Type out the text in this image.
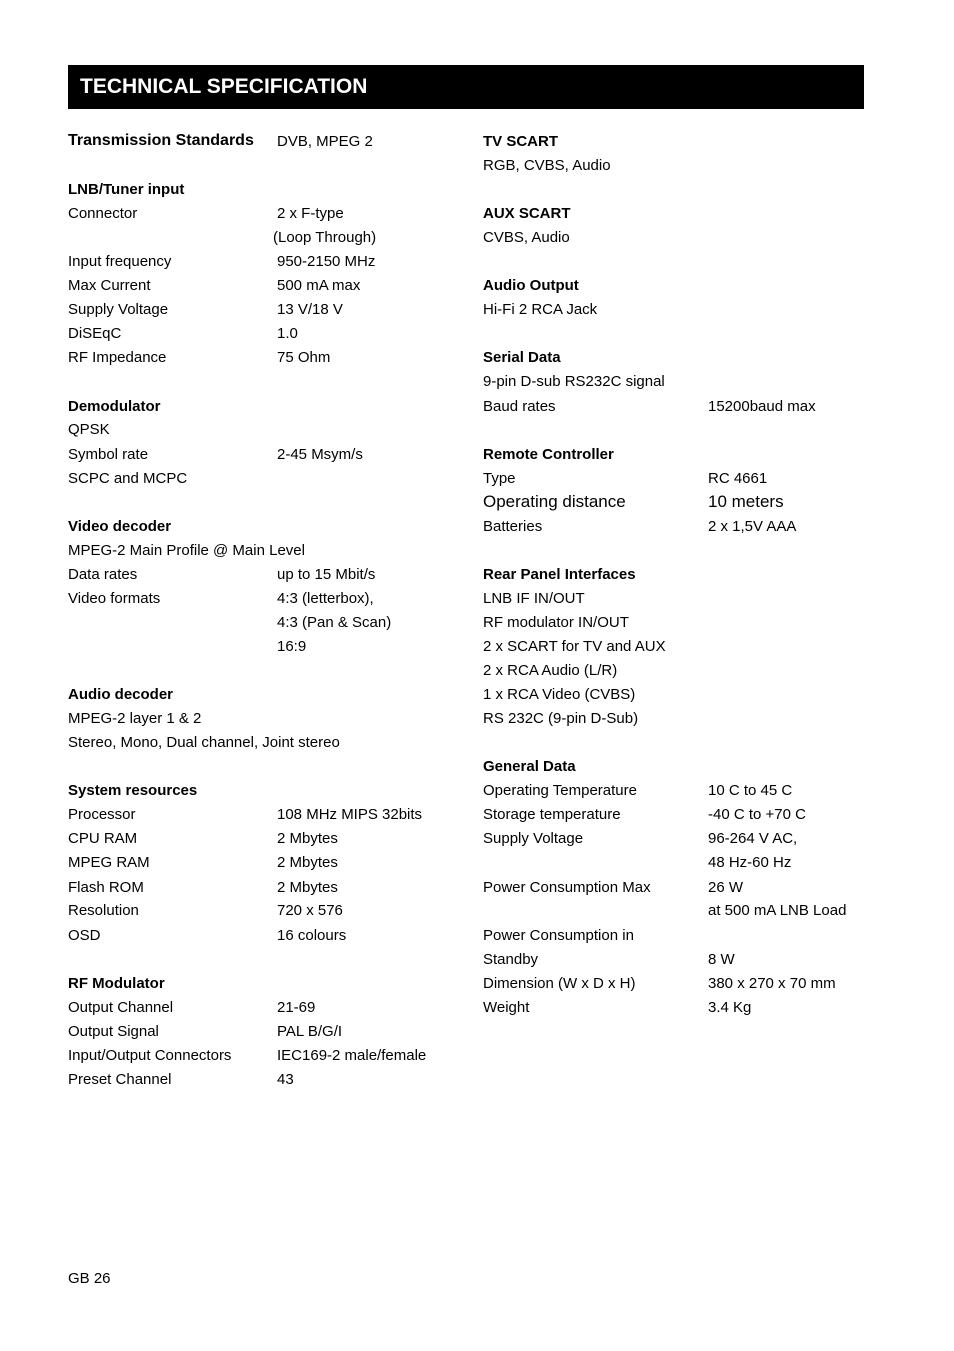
TECHNICAL SPECIFICATION
Transmission Standards DVB, MPEG 2
LNB/Tuner input
Connector	2 x F-type
(Loop Through)
Input frequency	950-2150 MHz
Max Current	500 mA max
Supply Voltage	13 V/18 V
DiSEqC	1.0
RF Impedance	75 Ohm
Demodulator
QPSK
Symbol rate	2-45 Msym/s
SCPC and MCPC
Video decoder
MPEG-2 Main Profile @ Main Level
Data rates	up to 15 Mbit/s
Video formats	4:3 (letterbox),
4:3 (Pan & Scan)
16:9
Audio decoder
MPEG-2 layer 1 & 2
Stereo, Mono, Dual channel, Joint stereo
System resources
Processor	108 MHz MIPS 32bits
CPU RAM	2 Mbytes
MPEG RAM	2 Mbytes
Flash ROM	2 Mbytes
Resolution	720 x 576
OSD	16 colours
RF Modulator
Output Channel	21-69
Output Signal	PAL B/G/I
Input/Output Connectors	IEC169-2 male/female
Preset Channel	43
TV SCART
RGB, CVBS, Audio
AUX SCART
CVBS, Audio
Audio Output
Hi-Fi 2 RCA Jack
Serial Data
9-pin D-sub RS232C signal
Baud rates	15200baud max
Remote Controller
Type	RC 4661
Operating distance	10 meters
Batteries	2 x 1,5V AAA
Rear Panel Interfaces
LNB IF IN/OUT
RF modulator IN/OUT
2 x SCART for TV and AUX
2 x RCA Audio (L/R)
1 x RCA Video (CVBS)
RS 232C (9-pin D-Sub)
General Data
Operating Temperature	10 C to 45 C
Storage temperature	-40 C to +70 C
Supply Voltage	96-264 V AC,
48 Hz-60 Hz
Power Consumption Max	26 W
at 500 mA LNB Load
Power Consumption in
Standby	8 W
Dimension (W x D x H)	380 x 270 x 70 mm
Weight	3.4 Kg
GB 26
